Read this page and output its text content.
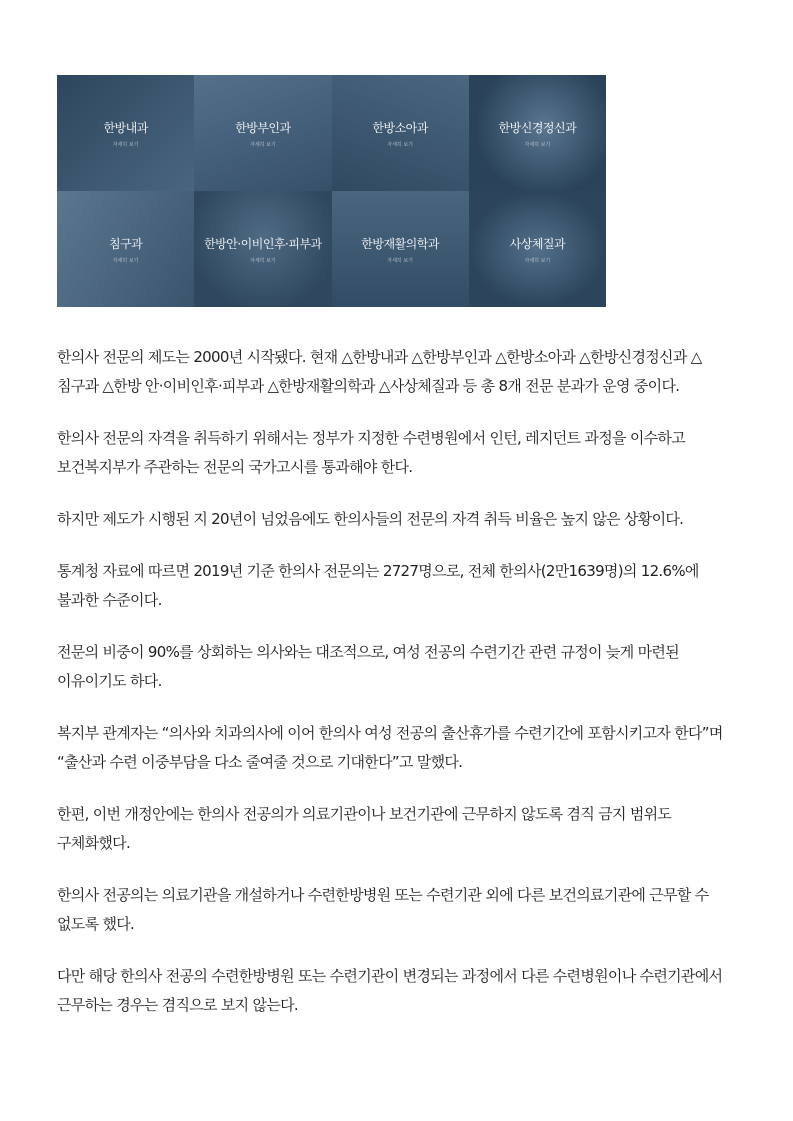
한방내과
자세히 보기
한방부인과
자세히 보기
한방소아과
자세히 보기
한방신경정신과
자세히 보기
침구과
자세히 보기
한방안·이비인후·피부과
자세히 보기
한방재활의학과
자세히 보기
사상체질과
자세히 보기

한의사 전문의 제도는 2000년 시작됐다. 현재 △한방내과 △한방부인과 △한방소아과 △한방신경정신과 △침구과 △한방 안·이비인후·피부과 △한방재활의학과 △사상체질과 등 총 8개 전문 분과가 운영 중이다.

한의사 전문의 자격을 취득하기 위해서는 정부가 지정한 수련병원에서 인턴, 레지던트 과정을 이수하고 보건복지부가 주관하는 전문의 국가고시를 통과해야 한다.

하지만 제도가 시행된 지 20년이 넘었음에도 한의사들의 전문의 자격 취득 비율은 높지 않은 상황이다.

통계청 자료에 따르면 2019년 기준 한의사 전문의는 2727명으로, 전체 한의사(2만1639명)의 12.6%에 불과한 수준이다.

전문의 비중이 90%를 상회하는 의사와는 대조적으로, 여성 전공의 수련기간 관련 규정이 늦게 마련된 이유이기도 하다.

복지부 관계자는 “의사와 치과의사에 이어 한의사 여성 전공의 출산휴가를 수련기간에 포함시키고자 한다”며 “출산과 수련 이중부담을 다소 줄여줄 것으로 기대한다”고 말했다.

한편, 이번 개정안에는 한의사 전공의가 의료기관이나 보건기관에 근무하지 않도록 겸직 금지 범위도 구체화했다.

한의사 전공의는 의료기관을 개설하거나 수련한방병원 또는 수련기관 외에 다른 보건의료기관에 근무할 수 없도록 했다.

다만 해당 한의사 전공의 수련한방병원 또는 수련기관이 변경되는 과정에서 다른 수련병원이나 수련기관에서 근무하는 경우는 겸직으로 보지 않는다.
